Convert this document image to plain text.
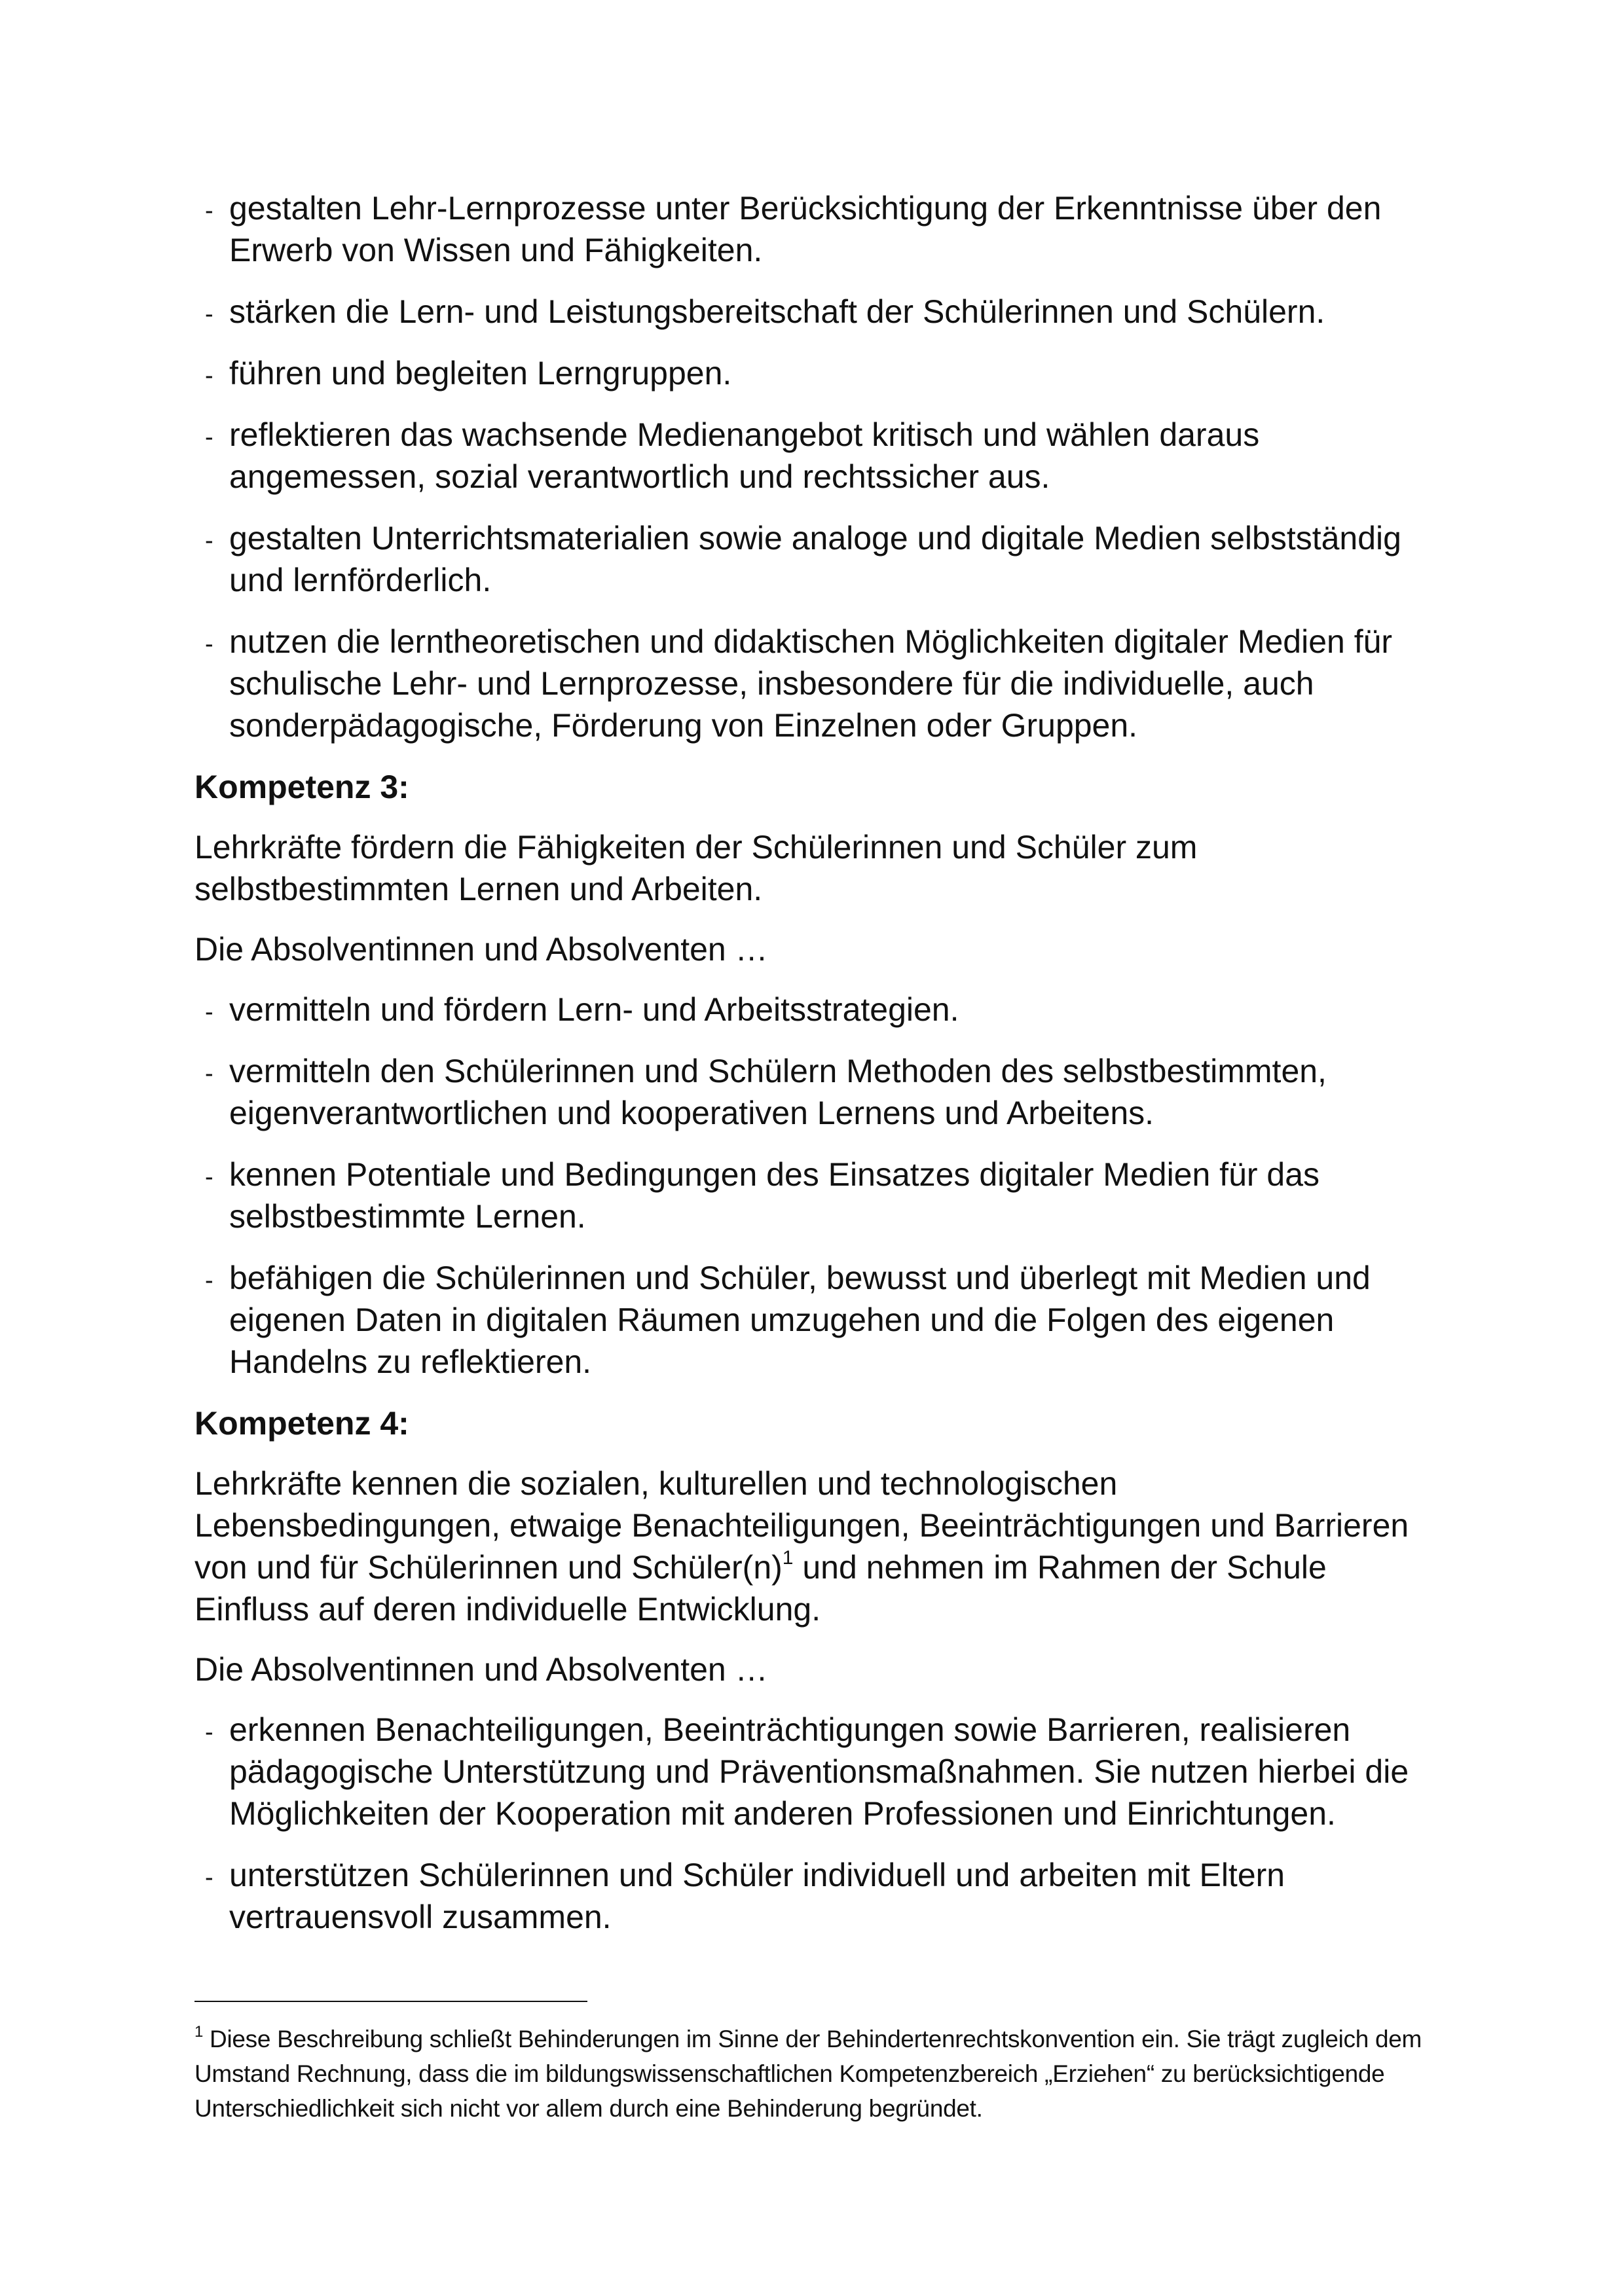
- gestalten Lehr-Lernprozesse unter Berücksichtigung der Erkenntnisse über den Erwerb von Wissen und Fähigkeiten.
- stärken die Lern- und Leistungsbereitschaft der Schülerinnen und Schülern.
- führen und begleiten Lerngruppen.
- reflektieren das wachsende Medienangebot kritisch und wählen daraus angemessen, sozial verantwortlich und rechtssicher aus.
- gestalten Unterrichtsmaterialien sowie analoge und digitale Medien selbstständig und lernförderlich.
- nutzen die lerntheoretischen und didaktischen Möglichkeiten digitaler Medien für schulische Lehr- und Lernprozesse, insbesondere für die individuelle, auch sonderpädagogische, Förderung von Einzelnen oder Gruppen.
Kompetenz 3:

Lehrkräfte fördern die Fähigkeiten der Schülerinnen und Schüler zum selbstbestimmten Lernen und Arbeiten.

Die Absolventinnen und Absolventen …

- vermitteln und fördern Lern- und Arbeitsstrategien.
- vermitteln den Schülerinnen und Schülern Methoden des selbstbestimmten, eigenverantwortlichen und kooperativen Lernens und Arbeitens.
- kennen Potentiale und Bedingungen des Einsatzes digitaler Medien für das selbstbestimmte Lernen.
- befähigen die Schülerinnen und Schüler, bewusst und überlegt mit Medien und eigenen Daten in digitalen Räumen umzugehen und die Folgen des eigenen Handelns zu reflektieren.
Kompetenz 4:

Lehrkräfte kennen die sozialen, kulturellen und technologischen Lebensbedingungen, etwaige Benachteiligungen, Beeinträchtigungen und Barrieren von und für Schülerinnen und $Schüler(n)^1$ und nehmen im Rahmen der Schule Einfluss auf deren individuelle Entwicklung.

Die Absolventinnen und Absolventen …

- erkennen Benachteiligungen, Beeinträchtigungen sowie Barrieren, realisieren pädagogische Unterstützung und Präventionsmaßnahmen. Sie nutzen hierbei die Möglichkeiten der Kooperation mit anderen Professionen und Einrichtungen.
- unterstützen Schülerinnen und Schüler individuell und arbeiten mit Eltern vertrauensvoll zusammen.
$^1$ Diese Beschreibung schließt Behinderungen im Sinne der Behindertenrechtskonvention ein. Sie trägt zugleich dem Umstand Rechnung, dass die im bildungswissenschaftlichen Kompetenzbereich „Erziehen“ zu berücksichtigende Unterschiedlichkeit sich nicht vor allem durch eine Behinderung begründet.
